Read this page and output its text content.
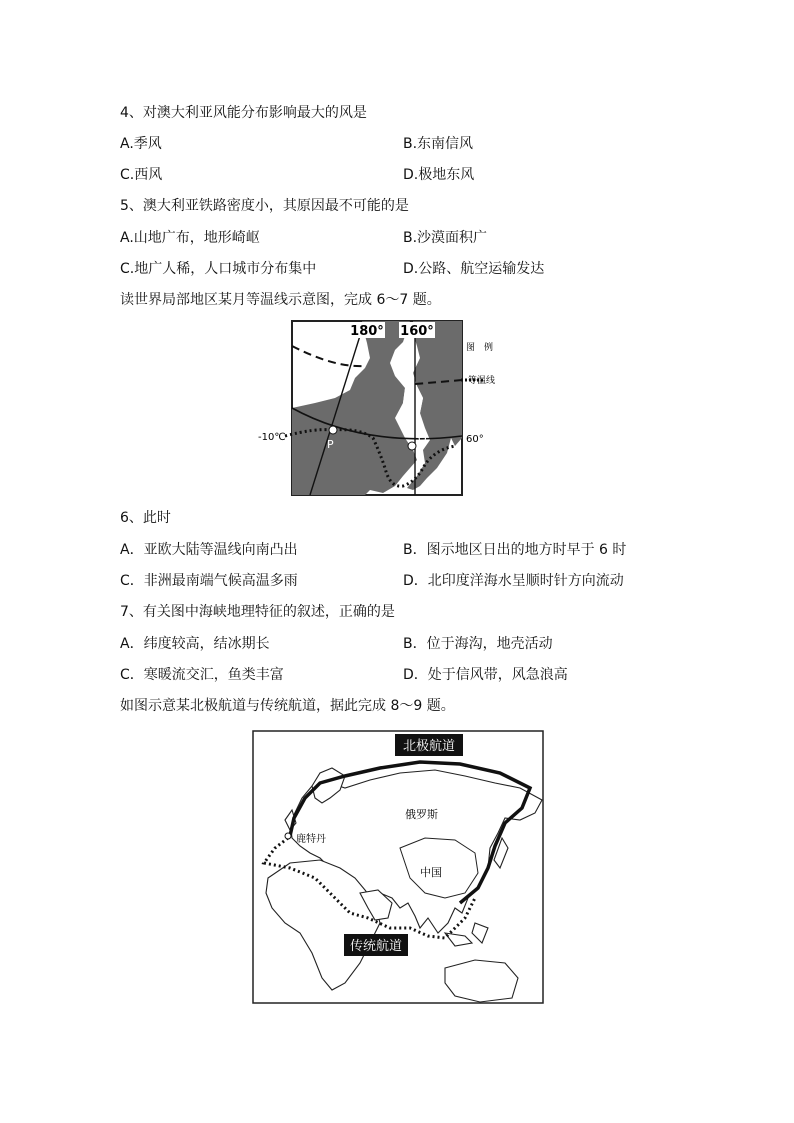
4、对澳大利亚风能分布影响最大的风是
A.季风	B.东南信风
C.西风	D.极地东风
5、澳大利亚铁路密度小，其原因最不可能的是
A.山地广布，地形崎岖	B.沙漠面积广
C.地广人稀，人口城市分布集中	D.公路、航空运输发达
读世界局部地区某月等温线示意图，完成 6～7 题。
180° 160°
P	Q
-10℃	60°
图　例
等温线
6、此时
A．亚欧大陆等温线向南凸出	B．图示地区日出的地方时早于 6 时
C．非洲最南端气候高温多雨	D．北印度洋海水呈顺时针方向流动
7、有关图中海峡地理特征的叙述，正确的是
A．纬度较高，结冰期长	B．位于海沟，地壳活动
C．寒暖流交汇，鱼类丰富	D．处于信风带，风急浪高
如图示意某北极航道与传统航道，据此完成 8～9 题。
鹿特丹
俄罗斯
中国
北极航道
传统航道
